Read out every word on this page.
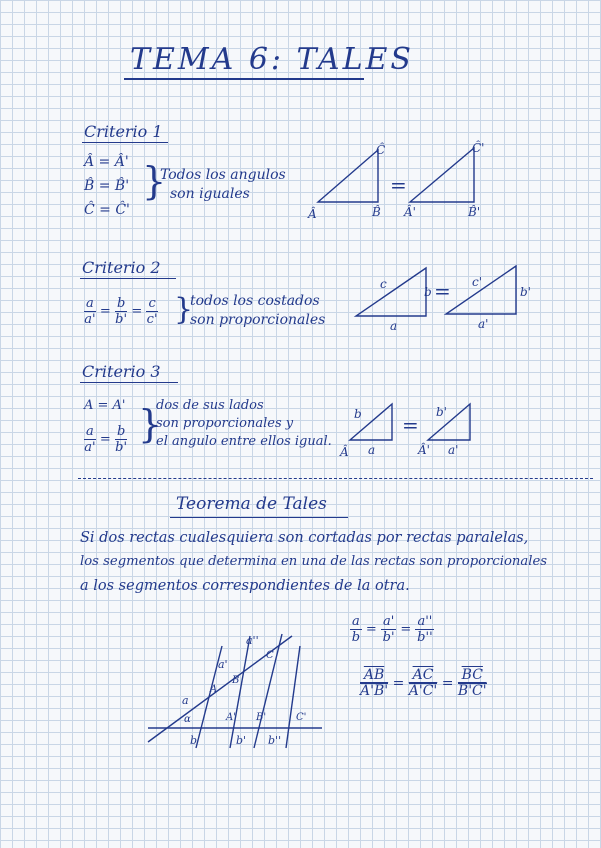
TEMA 6: TALES
Criterio 1
Â = Â'
B̂ = B̂'
Ĉ = Ĉ'
}
Todos los angulos
son iguales
Criterio 2
$\frac{a}{a'} = \frac{b}{b'} = \frac{c}{c'}$ }
todos los costados
son proporcionales
Criterio 3
A = A'
$\frac{a}{a'} = \frac{b}{b'}$ }
dos de sus lados
son proporcionales y
el angulo entre ellos igual.
Teorema de Tales
Si dos rectas cualesquiera son cortadas por rectas paralelas,
los segmentos que determina en una de las rectas son proporcionales
a los segmentos correspondientes de la otra.
$\frac{a}{b} = \frac{a'}{b'} = \frac{a''}{b''}$
$\frac{\overline{AB}}{A'B'} = \frac{\overline{AC}}{A'C'} = \frac{\overline{BC}}{B'C'}$
Ĉ
Â	B̂
=
Ĉ'
Â'	B̂'
c
b
a
= c'
b'
a'
b
Â a
=
b'
Â' a'
a
a'
a''
A
B
C
α	A' B'	C'
b	b' b''
